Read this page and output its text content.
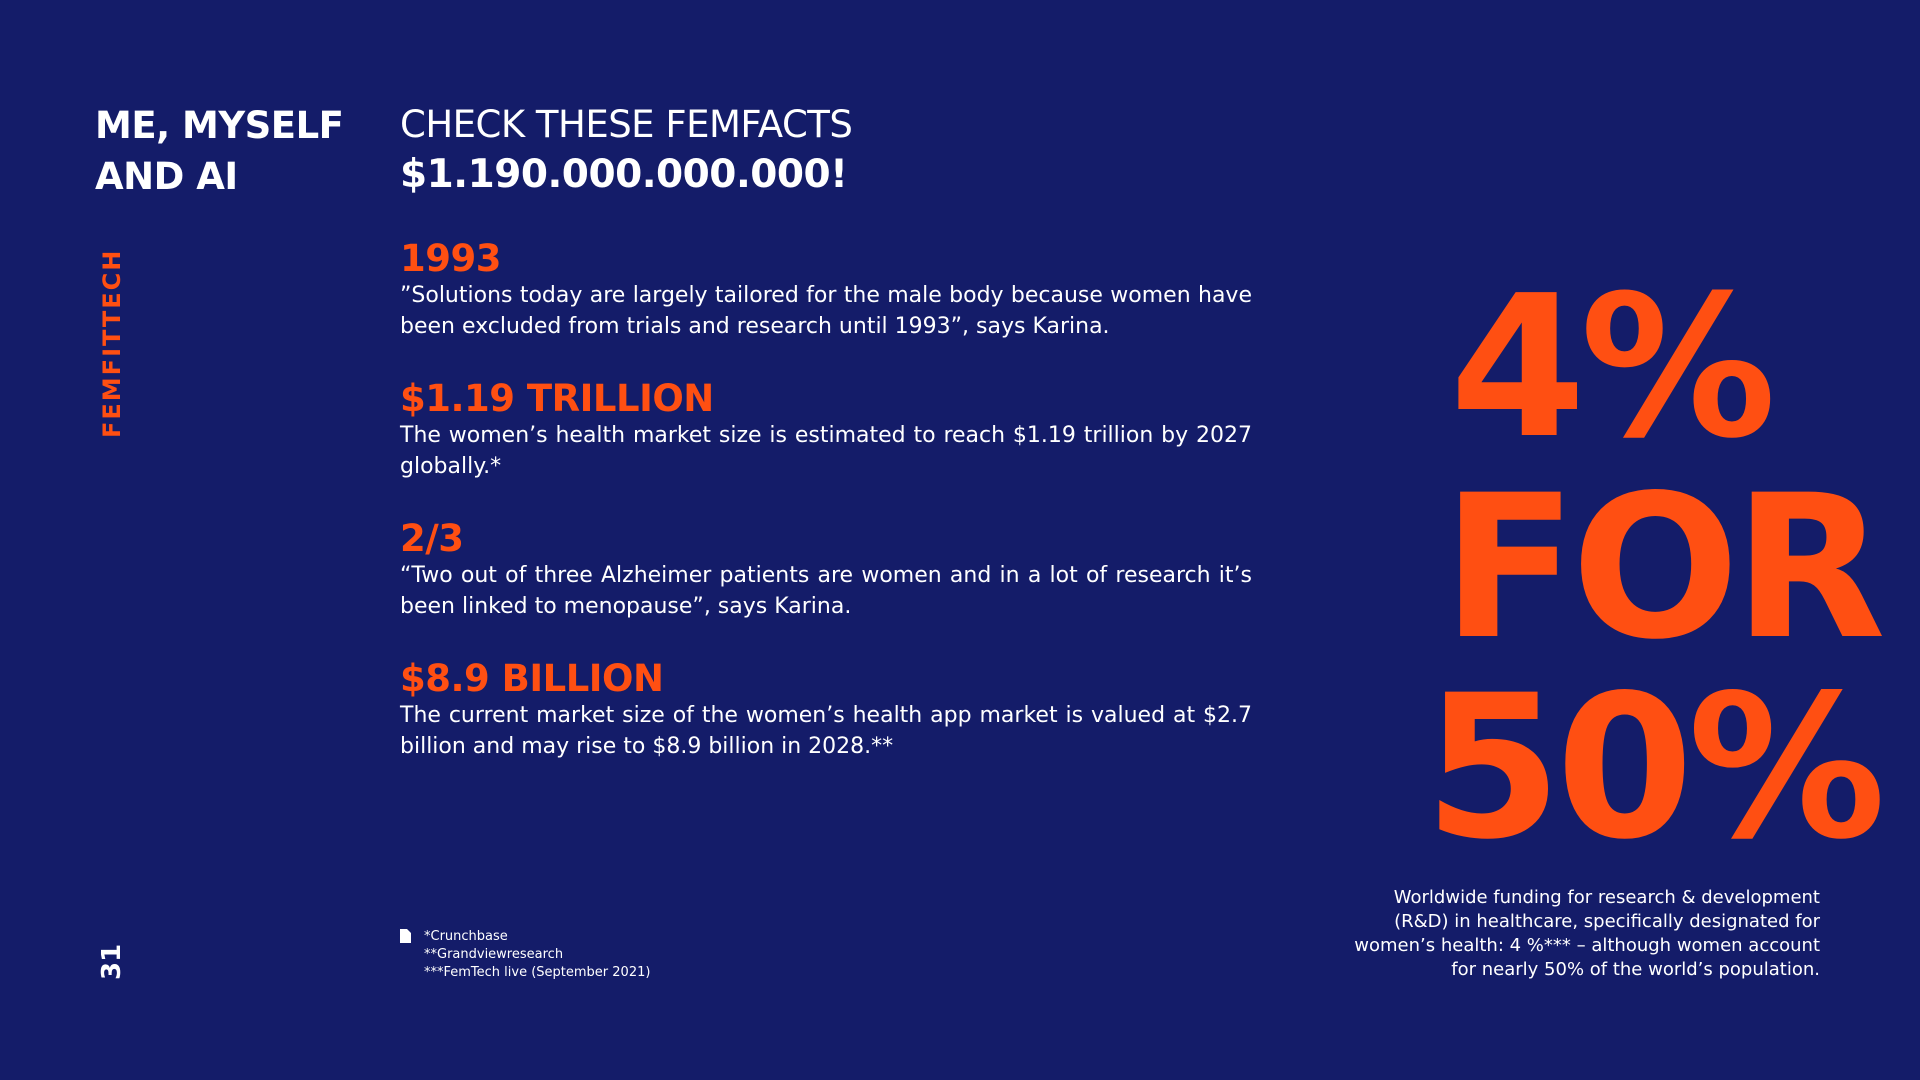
ME, MYSELF
AND AI
FEMFITTECH
31
CHECK THESE FEMFACTS
$1.190.000.000.000!
1993
”Solutions today are largely tailored for the male body because women have been excluded from trials and research until 1993”, says Karina.
$1.19 TRILLION
The women’s health market size is estimated to reach $1.19 trillion by 2027 globally.*
2/3
“Two out of three Alzheimer patients are women and in a lot of research it’s been linked to menopause”, says Karina.
$8.9 BILLION
The current market size of the women’s health app market is valued at $2.7 billion and may rise to $8.9 billion in 2028.**
*Crunchbase
**Grandviewresearch
***FemTech live (September 2021)
4%
FOR
50%
Worldwide funding for research & development
(R&D) in healthcare, specifically designated for
women’s health: 4 %*** – although women account
for nearly 50% of the world’s population.
